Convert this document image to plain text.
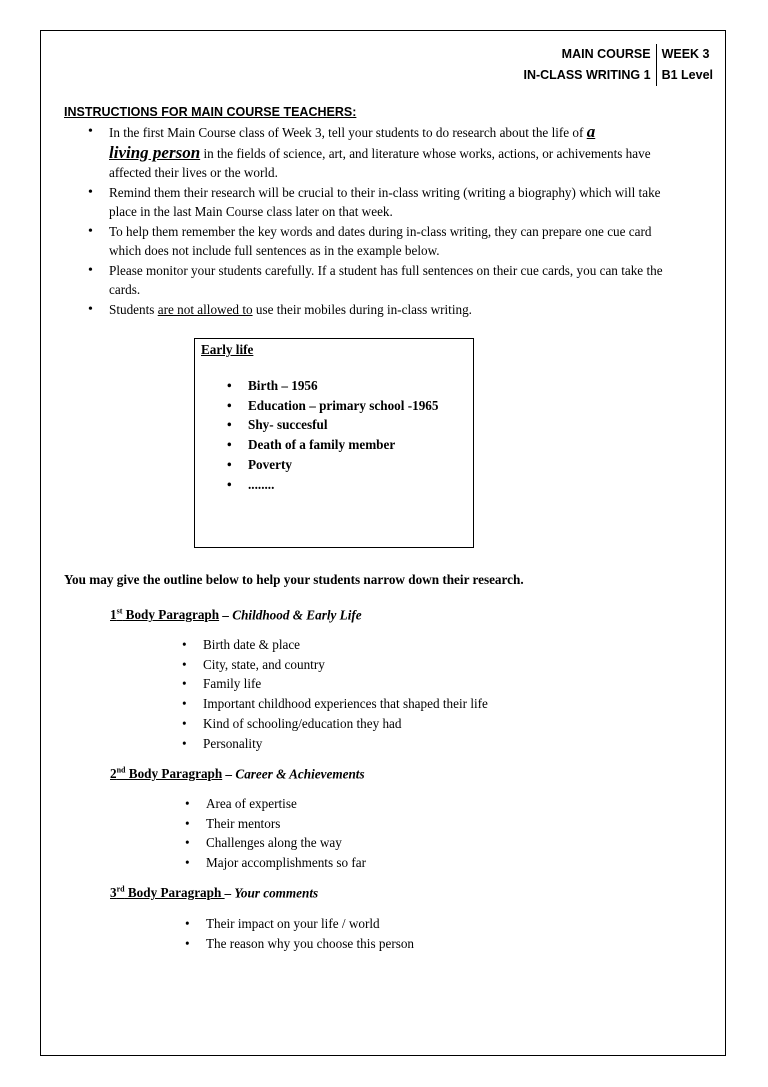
MAIN COURSE	WEEK 3
IN-CLASS WRITING 1	B1 Level
INSTRUCTIONS FOR MAIN COURSE TEACHERS:
• In the first Main Course class of Week 3, tell your students to do research about the life of a
living person in the fields of science, art, and literature whose works, actions, or achivements have affected their lives or the world.
• Remind them their research will be crucial to their in-class writing (writing a biography) which will take place in the last Main Course class later on that week.
• To help them remember the key words and dates during in-class writing, they can prepare one cue card which does not include full sentences as in the example below.
• Please monitor your students carefully. If a student has full sentences on their cue cards, you can take the cards.
• Students are not allowed to use their mobiles during in-class writing.
Early life
• Birth – 1956
• Education – primary school -1965
• Shy- succesful
• Death of a family member
• Poverty
• ........
You may give the outline below to help your students narrow down their research.
1st Body Paragraph – Childhood & Early Life
• Birth date & place
• City, state, and country
• Family life
• Important childhood experiences that shaped their life
• Kind of schooling/education they had
• Personality
2nd Body Paragraph – Career & Achievements
• Area of expertise
• Their mentors
• Challenges along the way
• Major accomplishments so far
3rd Body Paragraph – Your comments
• Their impact on your life / world
• The reason why you choose this person
